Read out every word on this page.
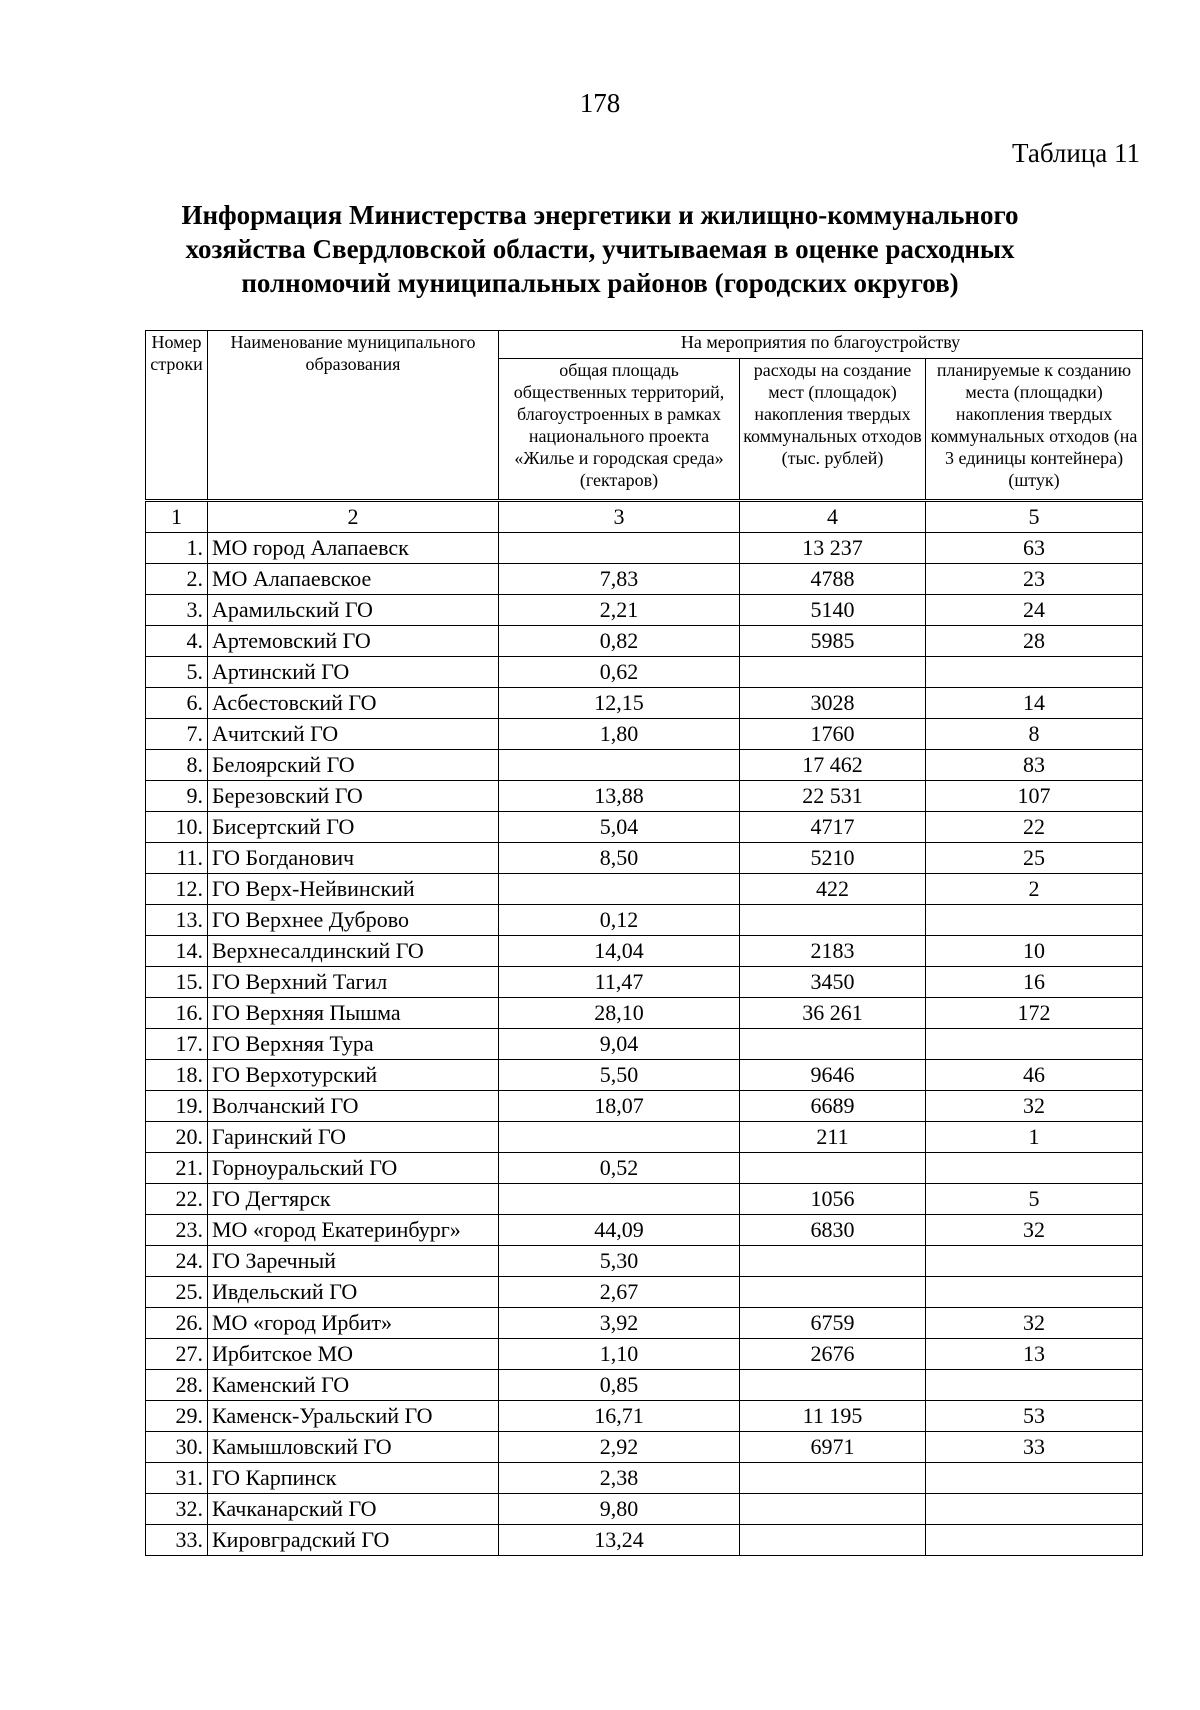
178
Таблица 11
Информация Министерства энергетики и жилищно-коммунального хозяйства Свердловской области, учитываемая в оценке расходных полномочий муниципальных районов (городских округов)
Номер строки	Наименование муниципального образования	На мероприятия по благоустройству		
		общая площадь общественных территорий, благоустроенных в рамках национального проекта «Жилье и городская среда» (гектаров)	расходы на создание мест (площадок) накопления твердых коммунальных отходов (тыс. рублей)	планируемые к созданию места (площадки) накопления твердых коммунальных отходов (на 3 единицы контейнера) (штук)
1	2	3	4	5
1.	МО город Алапаевск		13 237	63
2.	МО Алапаевское	7,83	4788	23
3.	Арамильский ГО	2,21	5140	24
4.	Артемовский ГО	0,82	5985	28
5.	Артинский ГО	0,62		
6.	Асбестовский ГО	12,15	3028	14
7.	Ачитский ГО	1,80	1760	8
8.	Белоярский ГО		17 462	83
9.	Березовский ГО	13,88	22 531	107
10.	Бисертский ГО	5,04	4717	22
11.	ГО Богданович	8,50	5210	25
12.	ГО Верх-Нейвинский		422	2
13.	ГО Верхнее Дуброво	0,12		
14.	Верхнесалдинский ГО	14,04	2183	10
15.	ГО Верхний Тагил	11,47	3450	16
16.	ГО Верхняя Пышма	28,10	36 261	172
17.	ГО Верхняя Тура	9,04		
18.	ГО Верхотурский	5,50	9646	46
19.	Волчанский ГО	18,07	6689	32
20.	Гаринский ГО		211	1
21.	Горноуральский ГО	0,52		
22.	ГО Дегтярск		1056	5
23.	МО «город Екатеринбург»	44,09	6830	32
24.	ГО Заречный	5,30		
25.	Ивдельский ГО	2,67		
26.	МО «город Ирбит»	3,92	6759	32
27.	Ирбитское МО	1,10	2676	13
28.	Каменский ГО	0,85		
29.	Каменск-Уральский ГО	16,71	11 195	53
30.	Камышловский ГО	2,92	6971	33
31.	ГО Карпинск	2,38		
32.	Качканарский ГО	9,80		
33.	Кировградский ГО	13,24		
